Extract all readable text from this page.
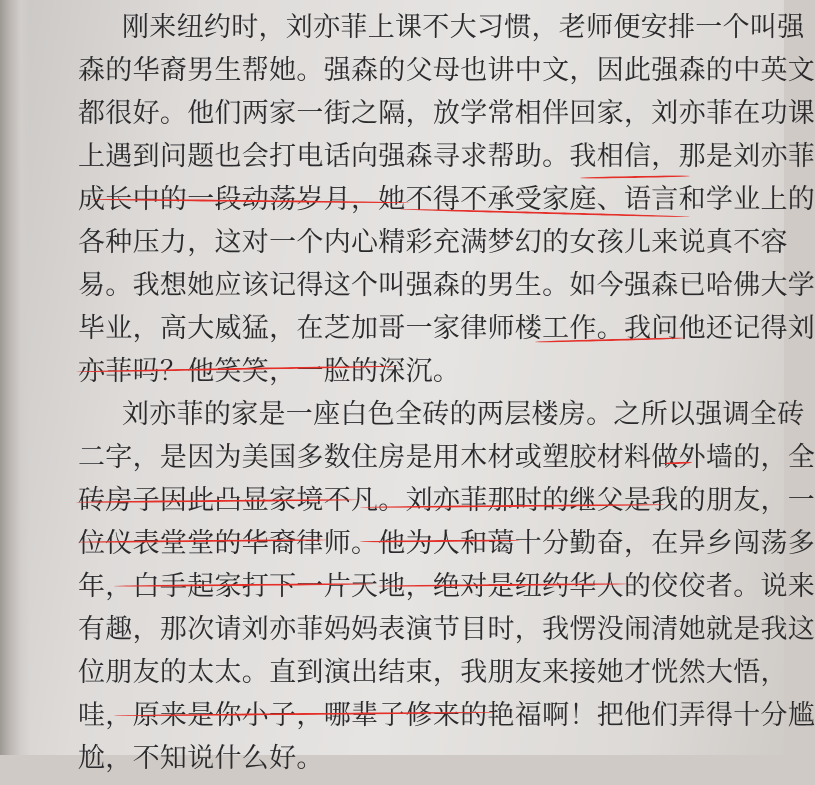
刚来纽约时，刘亦菲上课不大习惯，老师便安排一个叫强
森的华裔男生帮她。强森的父母也讲中文，因此强森的中英文
都很好。他们两家一街之隔，放学常相伴回家，刘亦菲在功课
上遇到问题也会打电话向强森寻求帮助。我相信，那是刘亦菲
成长中的一段动荡岁月，她不得不承受家庭、语言和学业上的
各种压力，这对一个内心精彩充满梦幻的女孩儿来说真不容
易。我想她应该记得这个叫强森的男生。如今强森已哈佛大学
毕业，高大威猛，在芝加哥一家律师楼工作。我问他还记得刘
亦菲吗？他笑笑，一脸的深沉。
刘亦菲的家是一座白色全砖的两层楼房。之所以强调全砖
二字，是因为美国多数住房是用木材或塑胶材料做外墙的，全
砖房子因此凸显家境不凡。刘亦菲那时的继父是我的朋友，一
位仪表堂堂的华裔律师。他为人和蔼十分勤奋，在异乡闯荡多
年，白手起家打下一片天地，绝对是纽约华人的佼佼者。说来
有趣，那次请刘亦菲妈妈表演节目时，我愣没闹清她就是我这
位朋友的太太。直到演出结束，我朋友来接她才恍然大悟，
哇，原来是你小子，哪辈子修来的艳福啊！把他们弄得十分尴
尬，不知说什么好。
